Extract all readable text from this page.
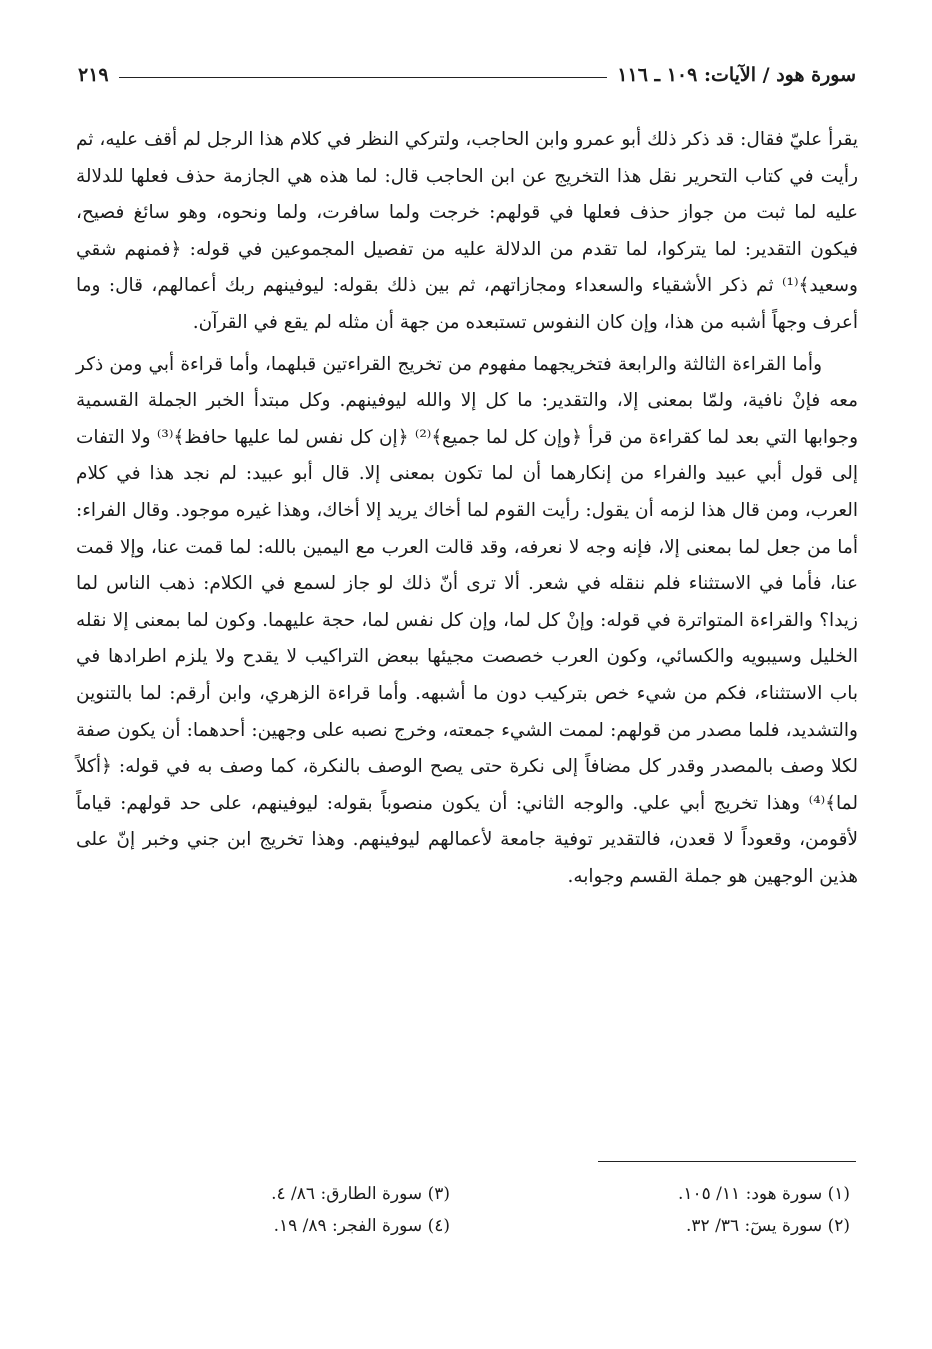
٢١٩	سورة هود / الآيات: ١٠٩ ـ ١١٦

يقرأ عليّ فقال: قد ذكر ذلك أبو عمرو وابن الحاجب، ولتركي النظر في كلام هذا الرجل لم أقف عليه، ثم رأيت في كتاب التحرير نقل هذا التخريج عن ابن الحاجب قال: لما هذه هي الجازمة حذف فعلها للدلالة عليه لما ثبت من جواز حذف فعلها في قولهم: خرجت ولما سافرت، ولما ونحوه، وهو سائغ فصيح، فيكون التقدير: لما يتركوا، لما تقدم من الدلالة عليه من تفصيل المجموعين في قوله: ﴿فمنهم شقي وسعيد﴾⁽¹⁾ ثم ذكر الأشقياء والسعداء ومجازاتهم، ثم بين ذلك بقوله: ليوفينهم ربك أعمالهم، قال: وما أعرف وجهاً أشبه من هذا، وإن كان النفوس تستبعده من جهة أن مثله لم يقع في القرآن.

وأما القراءة الثالثة والرابعة فتخريجهما مفهوم من تخريج القراءتين قبلهما، وأما قراءة أبي ومن ذكر معه فإنْ نافية، ولمّا بمعنى إلا، والتقدير: ما كل إلا والله ليوفينهم. وكل مبتدأ الخبر الجملة القسمية وجوابها التي بعد لما كقراءة من قرأ ﴿وإن كل لما جميع﴾⁽²⁾ ﴿إن كل نفس لما عليها حافظ﴾⁽³⁾ ولا التفات إلى قول أبي عبيد والفراء من إنكارهما أن لما تكون بمعنى إلا. قال أبو عبيد: لم نجد هذا في كلام العرب، ومن قال هذا لزمه أن يقول: رأيت القوم لما أخاك يريد إلا أخاك، وهذا غيره موجود. وقال الفراء: أما من جعل لما بمعنى إلا، فإنه وجه لا نعرفه، وقد قالت العرب مع اليمين بالله: لما قمت عنا، وإلا قمت عنا، فأما في الاستثناء فلم ننقله في شعر. ألا ترى أنّ ذلك لو جاز لسمع في الكلام: ذهب الناس لما زيدا؟ والقراءة المتواترة في قوله: وإنْ كل لما، وإن كل نفس لما، حجة عليهما. وكون لما بمعنى إلا نقله الخليل وسيبويه والكسائي، وكون العرب خصصت مجيئها ببعض التراكيب لا يقدح ولا يلزم اطرادها في باب الاستثناء، فكم من شيء خص بتركيب دون ما أشبهه. وأما قراءة الزهري، وابن أرقم: لما بالتنوين والتشديد، فلما مصدر من قولهم: لممت الشيء جمعته، وخرج نصبه على وجهين: أحدهما: أن يكون صفة لكلا وصف بالمصدر وقدر كل مضافاً إلى نكرة حتى يصح الوصف بالنكرة، كما وصف به في قوله: ﴿أكلاً لما﴾⁽⁴⁾ وهذا تخريج أبي علي. والوجه الثاني: أن يكون منصوباً بقوله: ليوفينهم، على حد قولهم: قياماً لأقومن، وقعوداً لا قعدن، فالتقدير توفية جامعة لأعمالهم ليوفينهم. وهذا تخريج ابن جني وخبر إنّ على هذين الوجهين هو جملة القسم وجوابه.

(١) سورة هود: ١١/ ١٠٥.
(٢) سورة يسٓ: ٣٦/ ٣٢.
(٣) سورة الطارق: ٨٦/ ٤.
(٤) سورة الفجر: ٨٩/ ١٩.
